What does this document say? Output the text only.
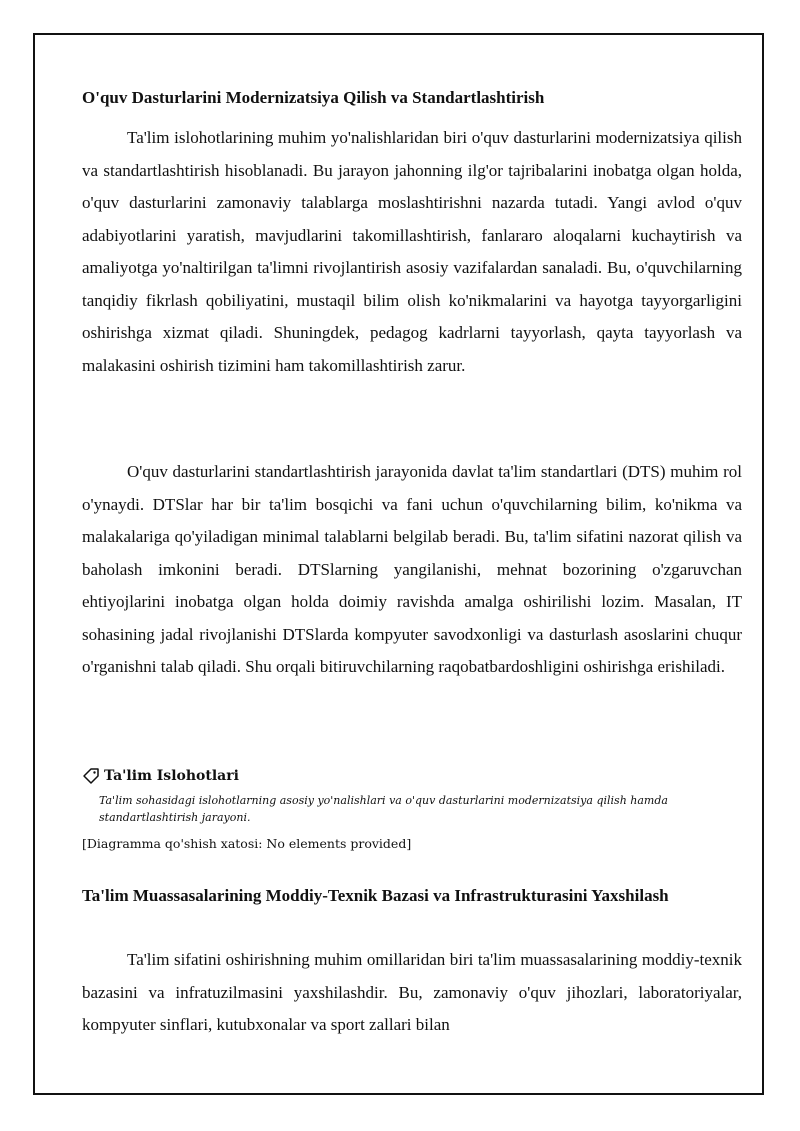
O'quv Dasturlarini Modernizatsiya Qilish va Standartlashtirish

Ta'lim islohotlarining muhim yo'nalishlaridan biri o'quv dasturlarini modernizatsiya qilish va standartlashtirish hisoblanadi. Bu jarayon jahonning ilg'or tajribalarini inobatga olgan holda, o'quv dasturlarini zamonaviy talablarga moslashtirishni nazarda tutadi. Yangi avlod o'quv adabiyotlarini yaratish, mavjudlarini takomillashtirish, fanlararo aloqalarni kuchaytirish va amaliyotga yo'naltirilgan ta'limni rivojlantirish asosiy vazifalardan sanaladi. Bu, o'quvchilarning tanqidiy fikrlash qobiliyatini, mustaqil bilim olish ko'nikmalarini va hayotga tayyorgarligini oshirishga xizmat qiladi. Shuningdek, pedagog kadrlarni tayyorlash, qayta tayyorlash va malakasini oshirish tizimini ham takomillashtirish zarur.

O'quv dasturlarini standartlashtirish jarayonida davlat ta'lim standartlari (DTS) muhim rol o'ynaydi. DTSlar har bir ta'lim bosqichi va fani uchun o'quvchilarning bilim, ko'nikma va malakalariga qo'yiladigan minimal talablarni belgilab beradi. Bu, ta'lim sifatini nazorat qilish va baholash imkonini beradi. DTSlarning yangilanishi, mehnat bozorining o'zgaruvchan ehtiyojlarini inobatga olgan holda doimiy ravishda amalga oshirilishi lozim. Masalan, IT sohasining jadal rivojlanishi DTSlarda kompyuter savodxonligi va dasturlash asoslarini chuqur o'rganishni talab qiladi. Shu orqali bitiruvchilarning raqobatbardoshligini oshirishga erishiladi.

Ta'lim Islohotlari
Ta'lim sohasidagi islohotlarning asosiy yo'nalishlari va o'quv dasturlarini modernizatsiya qilish hamda standartlashtirish jarayoni.
[Diagramma qo'shish xatosi: No elements provided]
Ta'lim Muassasalarining Moddiy-Texnik Bazasi va Infrastrukturasini Yaxshilash

Ta'lim sifatini oshirishning muhim omillaridan biri ta'lim muassasalarining moddiy-texnik bazasini va infratuzilmasini yaxshilashdir. Bu, zamonaviy o'quv jihozlari, laboratoriyalar, kompyuter sinflari, kutubxonalar va sport zallari bilan
